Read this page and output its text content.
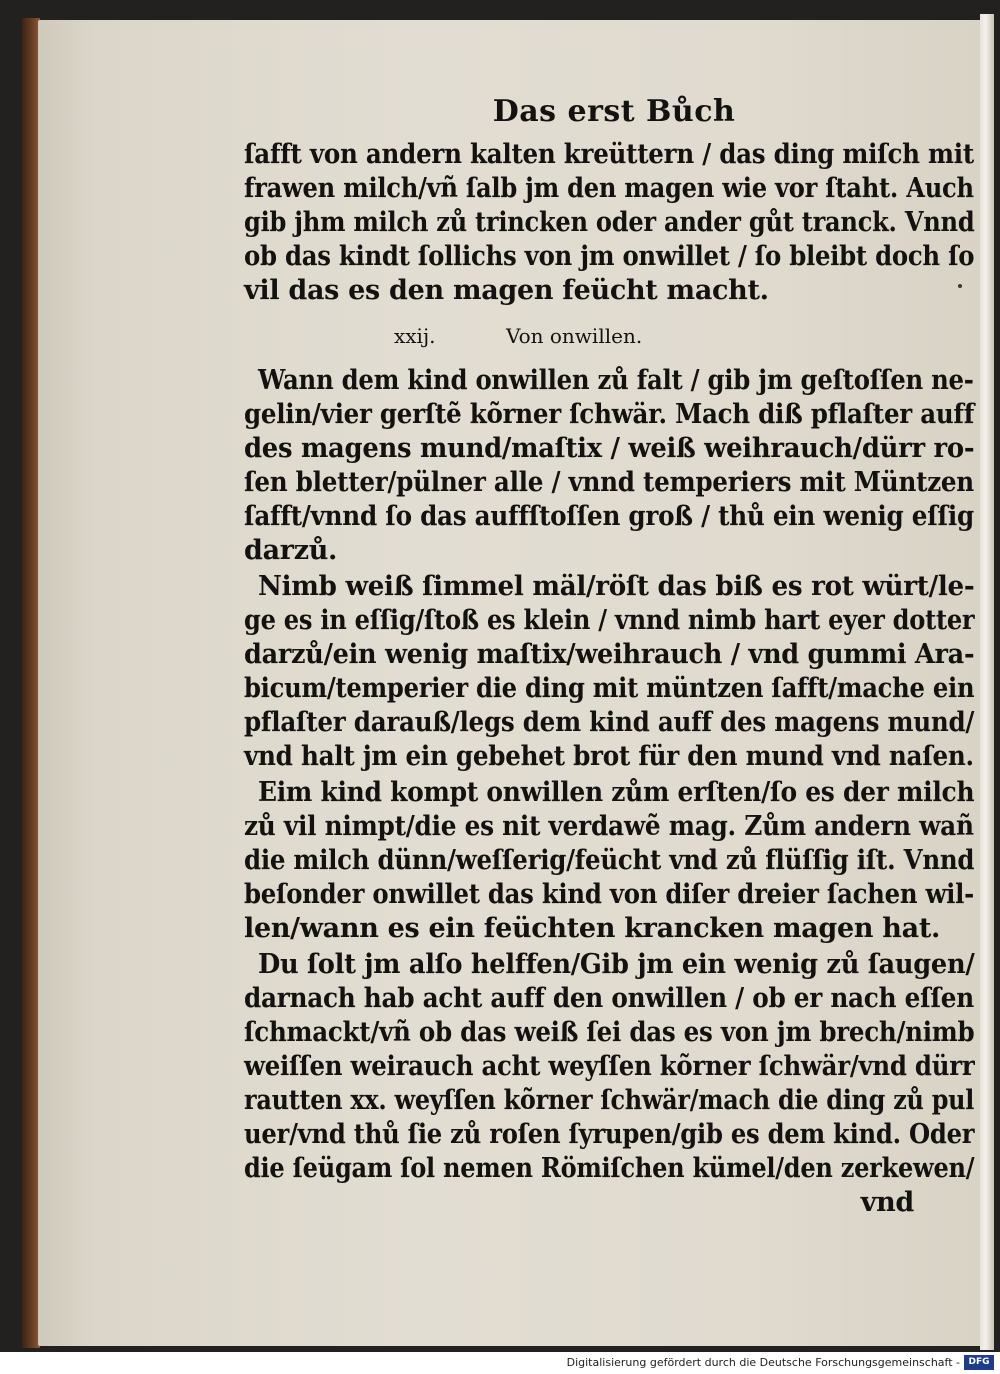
Das erst Bůch
ſafft von andern kalten kreüttern / das ding miſch mit
frawen milch/vñ ſalb jm den magen wie vor ſtaht. Auch
gib jhm milch zů trincken oder ander gůt tranck. Vnnd
ob das kindt ſollichs von jm onwillet / ſo bleibt doch ſo
vil das es den magen feücht macht.
xxij.	Von onwillen.
Wann dem kind onwillen zů falt / gib jm geſtoſſen ne-
gelin/vier gerſtẽ kõrner ſchwär. Mach diß pflaſter auff
des magens mund/maſtix / weiß weihrauch/dürr ro-
ſen bletter/pülner alle / vnnd temperiers mit Müntzen
ſafft/vnnd ſo das auffſtoſſen groß / thů ein wenig eſſig
darzů.
Nimb weiß ſimmel mäl/röſt das biß es rot würt/le-
ge es in eſſig/ſtoß es klein / vnnd nimb hart eyer dotter
darzů/ein wenig maſtix/weihrauch / vnd gummi Ara-
bicum/temperier die ding mit müntzen ſafft/mache ein
pflaſter darauß/legs dem kind auff des magens mund/
vnd halt jm ein gebehet brot für den mund vnd naſen.
Eim kind kompt onwillen zům erſten/ſo es der milch
zů vil nimpt/die es nit verdawẽ mag. Zům andern wañ
die milch dünn/weſſerig/feücht vnd zů flüſſig iſt. Vnnd
beſonder onwillet das kind von diſer dreier ſachen wil-
len/wann es ein feüchten krancken magen hat.
Du ſolt jm alſo helffen/Gib jm ein wenig zů ſaugen/
darnach hab acht auff den onwillen / ob er nach eſſen
ſchmackt/vñ ob das weiß ſei das es von jm brech/nimb
weiſſen weirauch acht weyſſen kõrner ſchwär/vnd dürr
rautten xx. weyſſen kõrner ſchwär/mach die ding zů pul
uer/vnd thů ſie zů roſen ſyrupen/gib es dem kind. Oder
die ſeügam ſol nemen Römiſchen kümel/den zerkewen/
vnd
Digitalisierung gefördert durch die Deutsche Forschungsgemeinschaft - DFG
